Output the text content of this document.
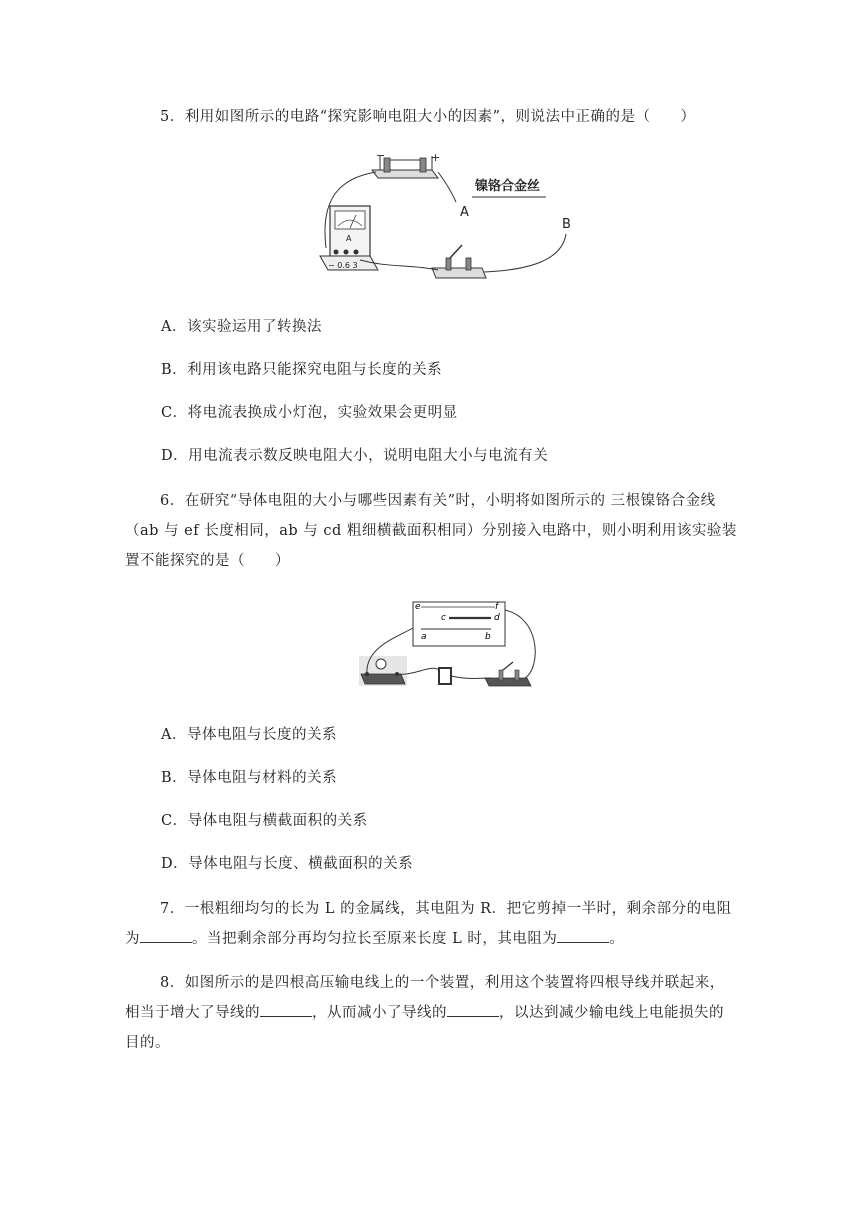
5．利用如图所示的电路“探究影响电阻大小的因素”，则说法中正确的是（　　）
−	+
镍铬合金丝
A
B
A
− 0.6 3
A．该实验运用了转换法
B．利用该电路只能探究电阻与长度的关系
C．将电流表换成小灯泡，实验效果会更明显
D．用电流表示数反映电阻大小，说明电阻大小与电流有关
6．在研究“导体电阻的大小与哪些因素有关”时，小明将如图所示的 三根镍铬合金线
（ab 与 ef 长度相同，ab 与 cd 粗细横截面积相同）分别接入电路中，则小明利用该实验装
置不能探究的是（　　）
e	f
c	d
a	b
A．导体电阻与长度的关系
B．导体电阻与材料的关系
C．导体电阻与横截面积的关系
D．导体电阻与长度、横截面积的关系
7．一根粗细均匀的长为 L 的金属线，其电阻为 R．把它剪掉一半时，剩余部分的电阻
为	。当把剩余部分再均匀拉长至原来长度 L 时，其电阻为	。
8．如图所示的是四根高压输电线上的一个装置，利用这个装置将四根导线并联起来，
相当于增大了导线的	，从而减小了导线的	，以达到减少输电线上电能损失的
目的。
